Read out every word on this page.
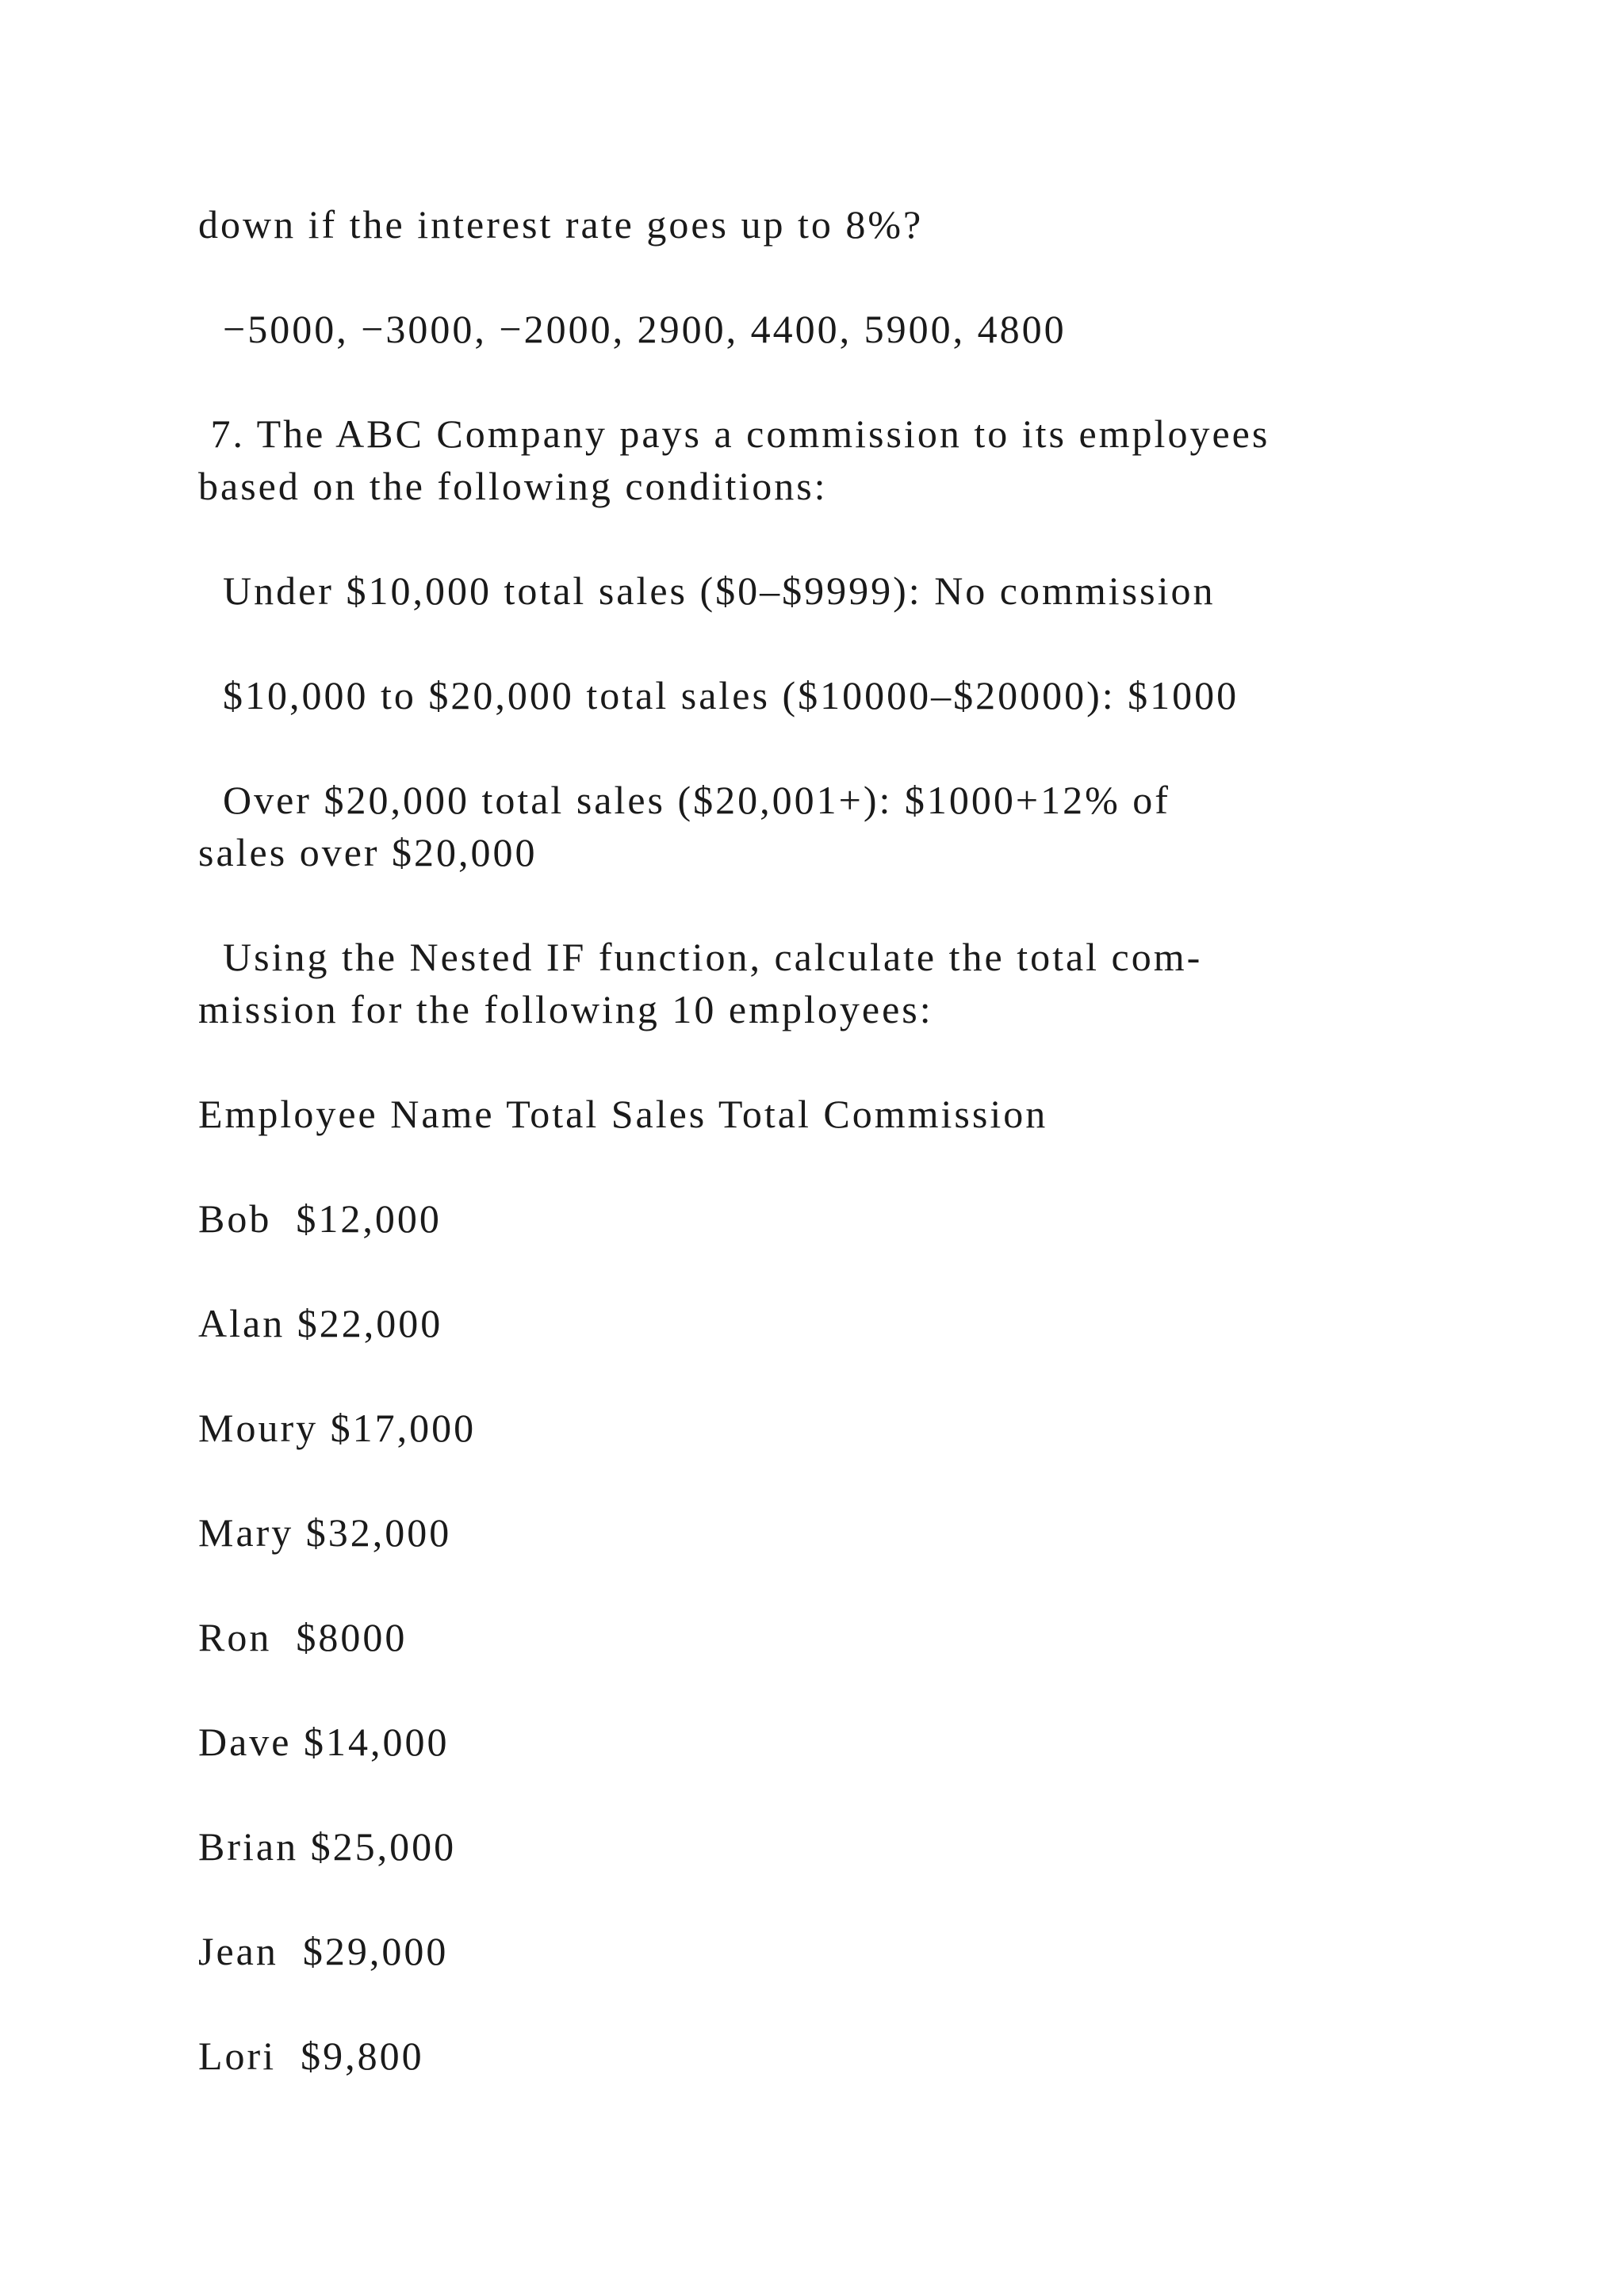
down if the interest rate goes up to 8%?
−5000, −3000, −2000, 2900, 4400, 5900, 4800
7. The ABC Company pays a commission to its employees
based on the following conditions:
Under $10,000 total sales ($0–$9999): No commission
$10,000 to $20,000 total sales ($10000–$20000): $1000
Over $20,000 total sales ($20,001+): $1000+12% of
sales over $20,000
Using the Nested IF function, calculate the total com-
mission for the following 10 employees:
Employee Name Total Sales Total Commission
Bob  $12,000
Alan $22,000
Moury $17,000
Mary $32,000
Ron  $8000
Dave $14,000
Brian $25,000
Jean  $29,000
Lori  $9,800
